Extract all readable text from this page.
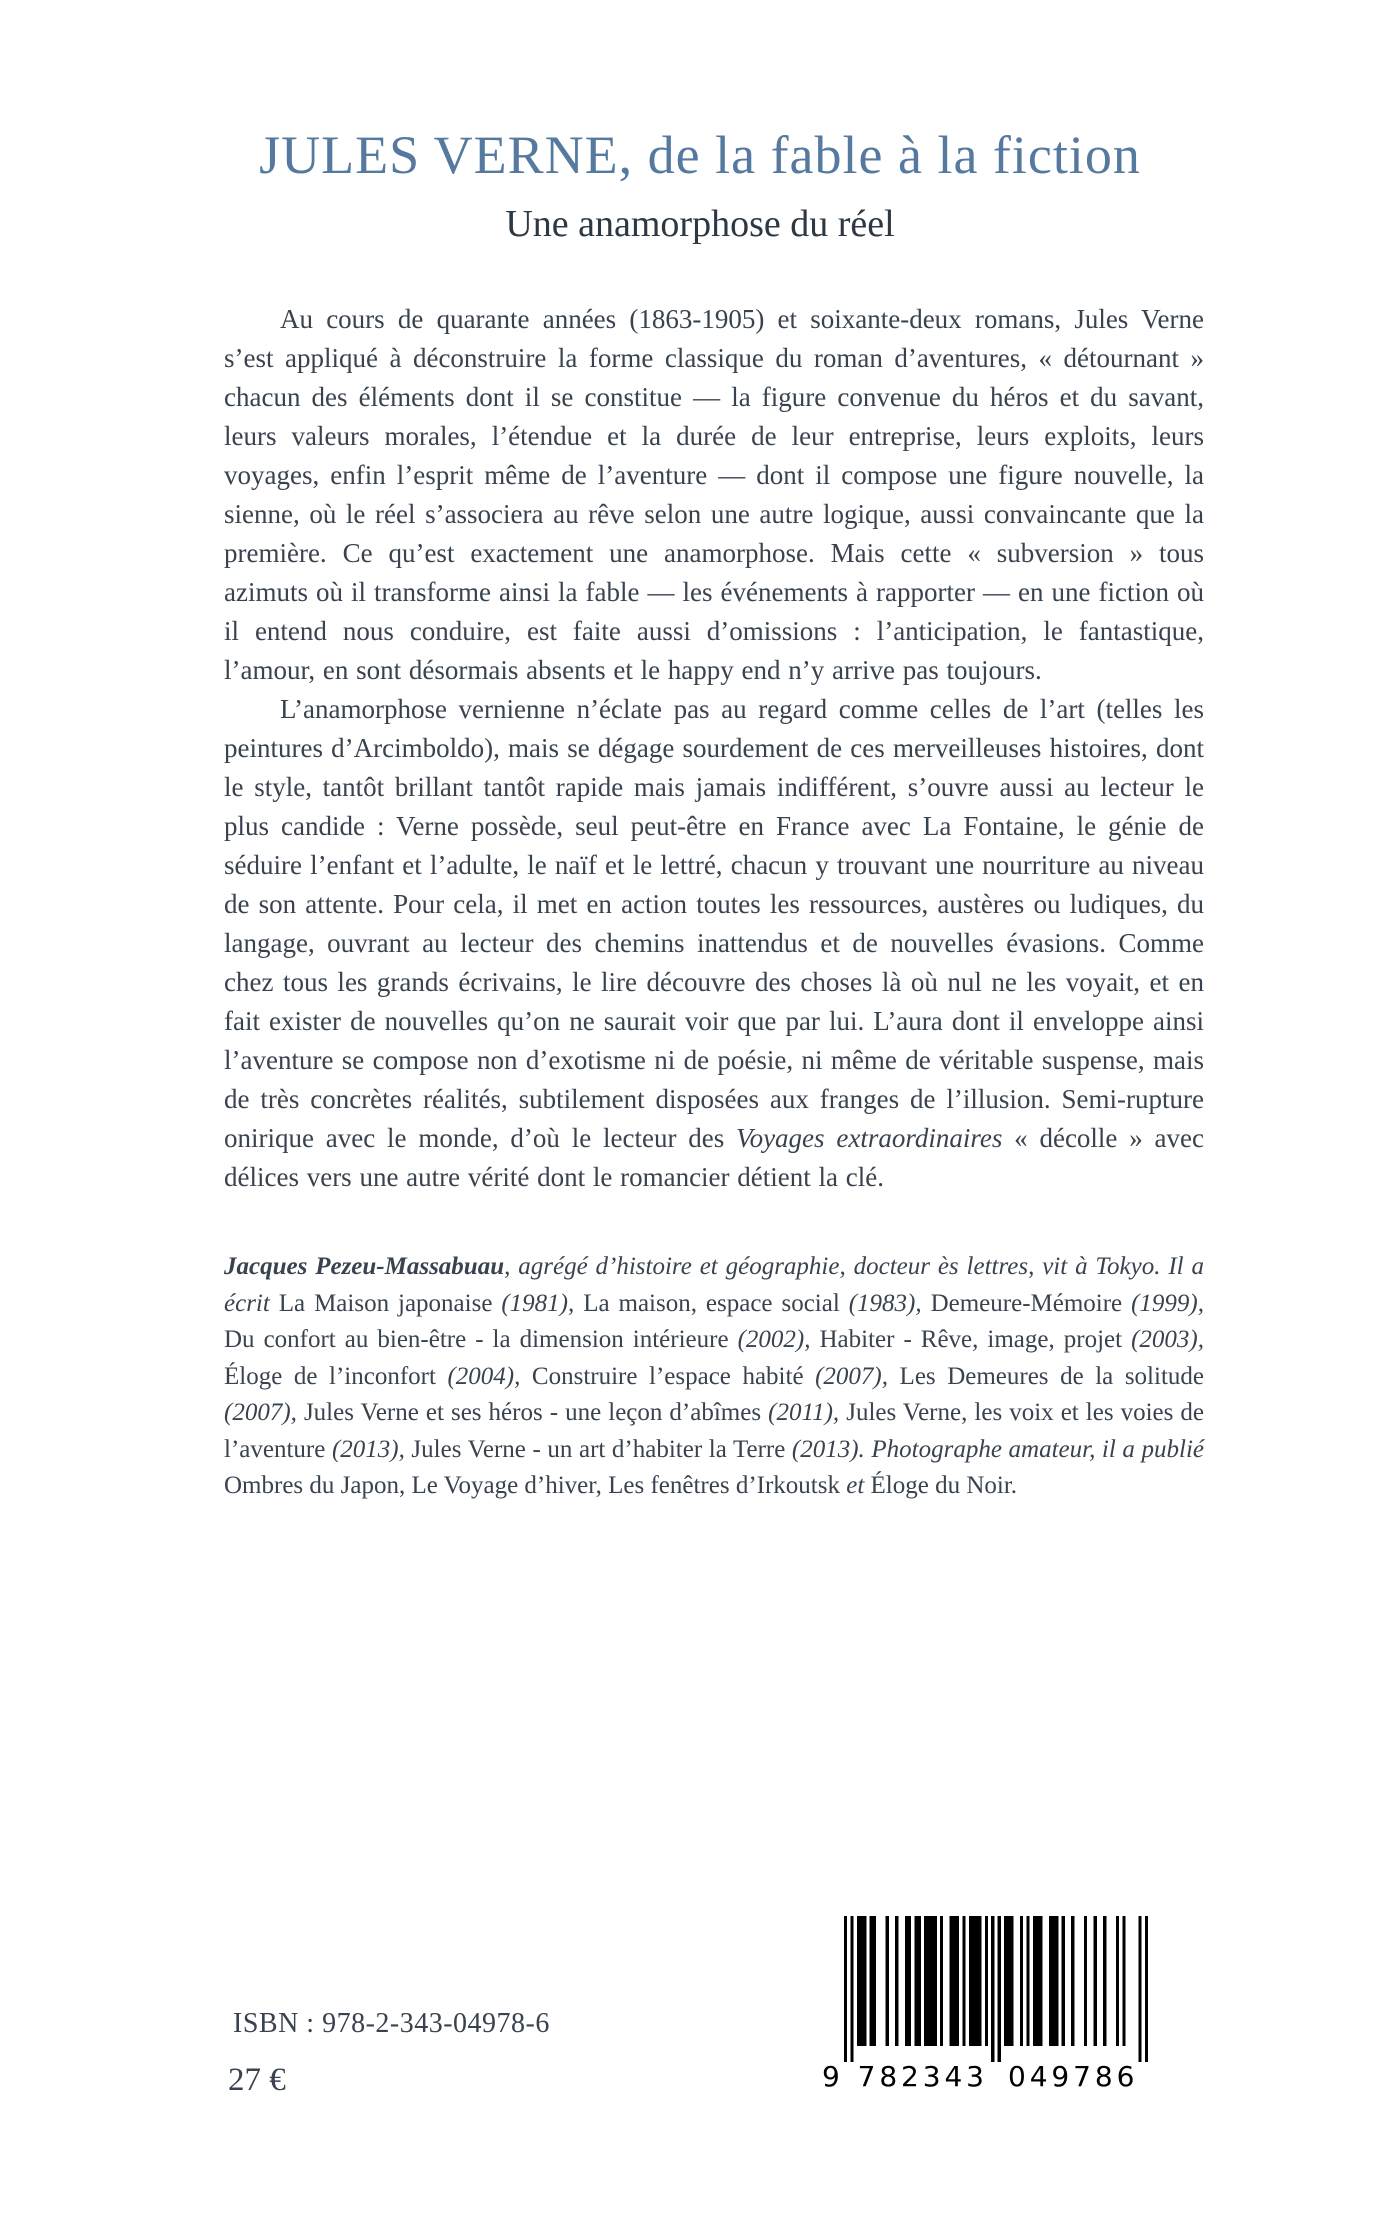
JULES VERNE, de la fable à la fiction
Une anamorphose du réel

Au cours de quarante années (1863-1905) et soixante-deux romans, Jules Verne s’est appliqué à déconstruire la forme classique du roman d’aventures, « détournant » chacun des éléments dont il se constitue — la figure convenue du héros et du savant, leurs valeurs morales, l’étendue et la durée de leur entreprise, leurs exploits, leurs voyages, enfin l’esprit même de l’aventure — dont il compose une figure nouvelle, la sienne, où le réel s’associera au rêve selon une autre logique, aussi convaincante que la première. Ce qu’est exactement une anamorphose. Mais cette « subversion » tous azimuts où il transforme ainsi la fable — les événements à rapporter — en une fiction où il entend nous conduire, est faite aussi d’omissions : l’anticipation, le fantastique, l’amour, en sont désormais absents et le happy end n’y arrive pas toujours.

L’anamorphose vernienne n’éclate pas au regard comme celles de l’art (telles les peintures d’Arcimboldo), mais se dégage sourdement de ces merveilleuses histoires, dont le style, tantôt brillant tantôt rapide mais jamais indifférent, s’ouvre aussi au lecteur le plus candide : Verne possède, seul peut-être en France avec La Fontaine, le génie de séduire l’enfant et l’adulte, le naïf et le lettré, chacun y trouvant une nourriture au niveau de son attente. Pour cela, il met en action toutes les ressources, austères ou ludiques, du langage, ouvrant au lecteur des chemins inattendus et de nouvelles évasions. Comme chez tous les grands écrivains, le lire découvre des choses là où nul ne les voyait, et en fait exister de nouvelles qu’on ne saurait voir que par lui. L’aura dont il enveloppe ainsi l’aventure se compose non d’exotisme ni de poésie, ni même de véritable suspense, mais de très concrètes réalités, subtilement disposées aux franges de l’illusion. Semi-rupture onirique avec le monde, d’où le lecteur des Voyages extraordinaires « décolle » avec délices vers une autre vérité dont le romancier détient la clé.

Jacques Pezeu-Massabuau, agrégé d’histoire et géographie, docteur ès lettres, vit à Tokyo. Il a écrit La Maison japonaise (1981), La maison, espace social (1983), Demeure-Mémoire (1999), Du confort au bien-être - la dimension intérieure (2002), Habiter - Rêve, image, projet (2003), Éloge de l’inconfort (2004), Construire l’espace habité (2007), Les Demeures de la solitude (2007), Jules Verne et ses héros - une leçon d’abîmes (2011), Jules Verne, les voix et les voies de l’aventure (2013), Jules Verne - un art d’habiter la Terre (2013). Photographe amateur, il a publié Ombres du Japon, Le Voyage d’hiver, Les fenêtres d’Irkoutsk et Éloge du Noir.
ISBN : 978-2-343-04978-6
27 €	9 782343 049786
